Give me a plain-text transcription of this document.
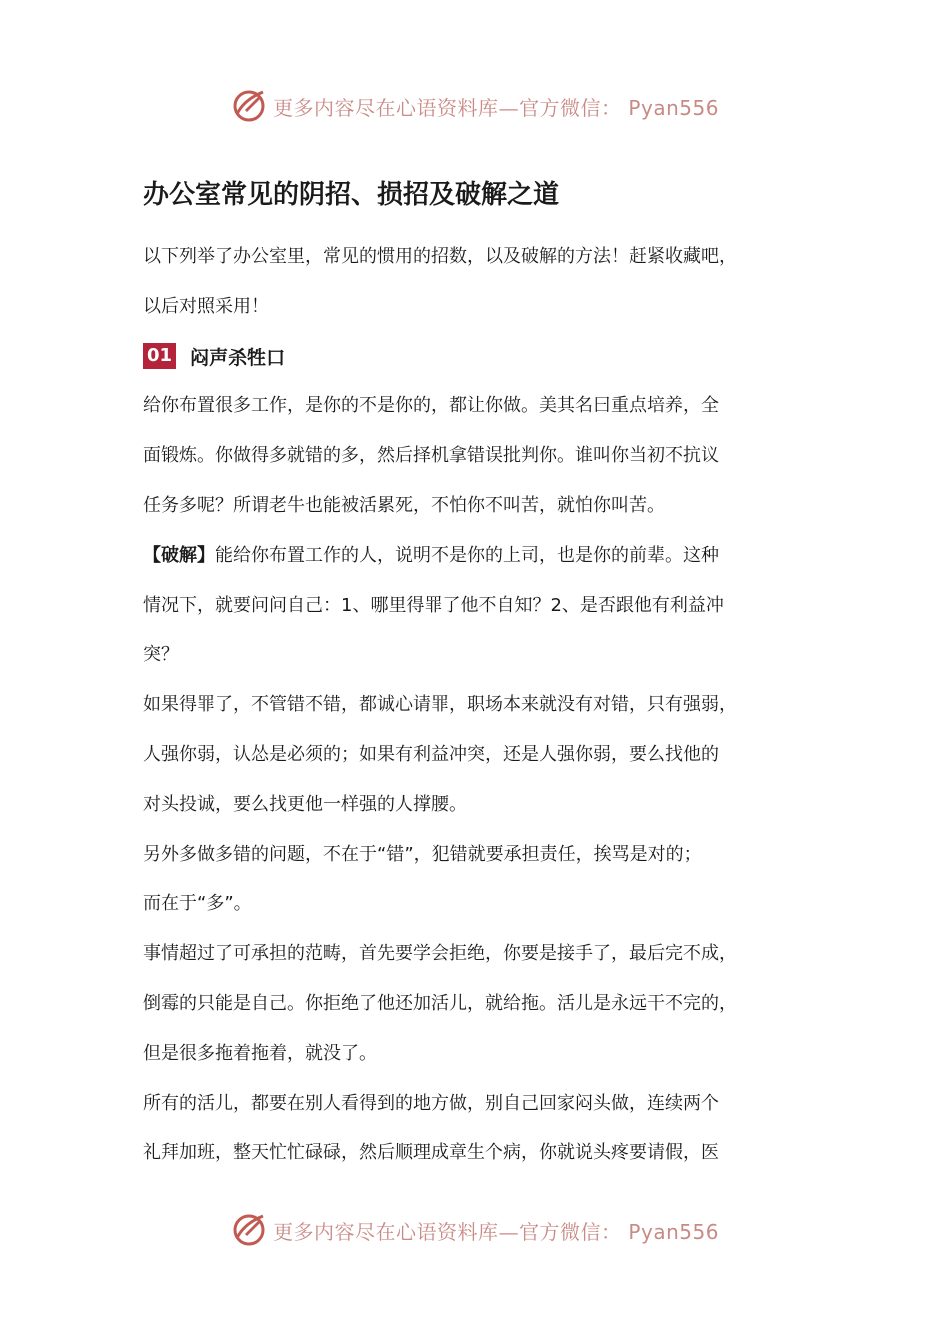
更多内容尽在心语资料库—官方微信： Pyan556
办公室常见的阴招、损招及破解之道

以下列举了办公室里，常见的惯用的招数，以及破解的方法！赶紧收藏吧，

以后对照采用！

01 闷声杀牲口

给你布置很多工作，是你的不是你的，都让你做。美其名曰重点培养，全

面锻炼。你做得多就错的多，然后择机拿错误批判你。谁叫你当初不抗议

任务多呢？所谓老牛也能被活累死，不怕你不叫苦，就怕你叫苦。

【破解】能给你布置工作的人，说明不是你的上司，也是你的前辈。这种

情况下，就要问问自己：1、哪里得罪了他不自知？2、是否跟他有利益冲

突？

如果得罪了，不管错不错，都诚心请罪，职场本来就没有对错，只有强弱，

人强你弱，认怂是必须的；如果有利益冲突，还是人强你弱，要么找他的

对头投诚，要么找更他一样强的人撑腰。

另外多做多错的问题，不在于“错”，犯错就要承担责任，挨骂是对的；

而在于“多”。

事情超过了可承担的范畴，首先要学会拒绝，你要是接手了，最后完不成，

倒霉的只能是自己。你拒绝了他还加活儿，就给拖。活儿是永远干不完的，

但是很多拖着拖着，就没了。

所有的活儿，都要在别人看得到的地方做，别自己回家闷头做，连续两个

礼拜加班，整天忙忙碌碌，然后顺理成章生个病，你就说头疼要请假，医

更多内容尽在心语资料库—官方微信： Pyan556
